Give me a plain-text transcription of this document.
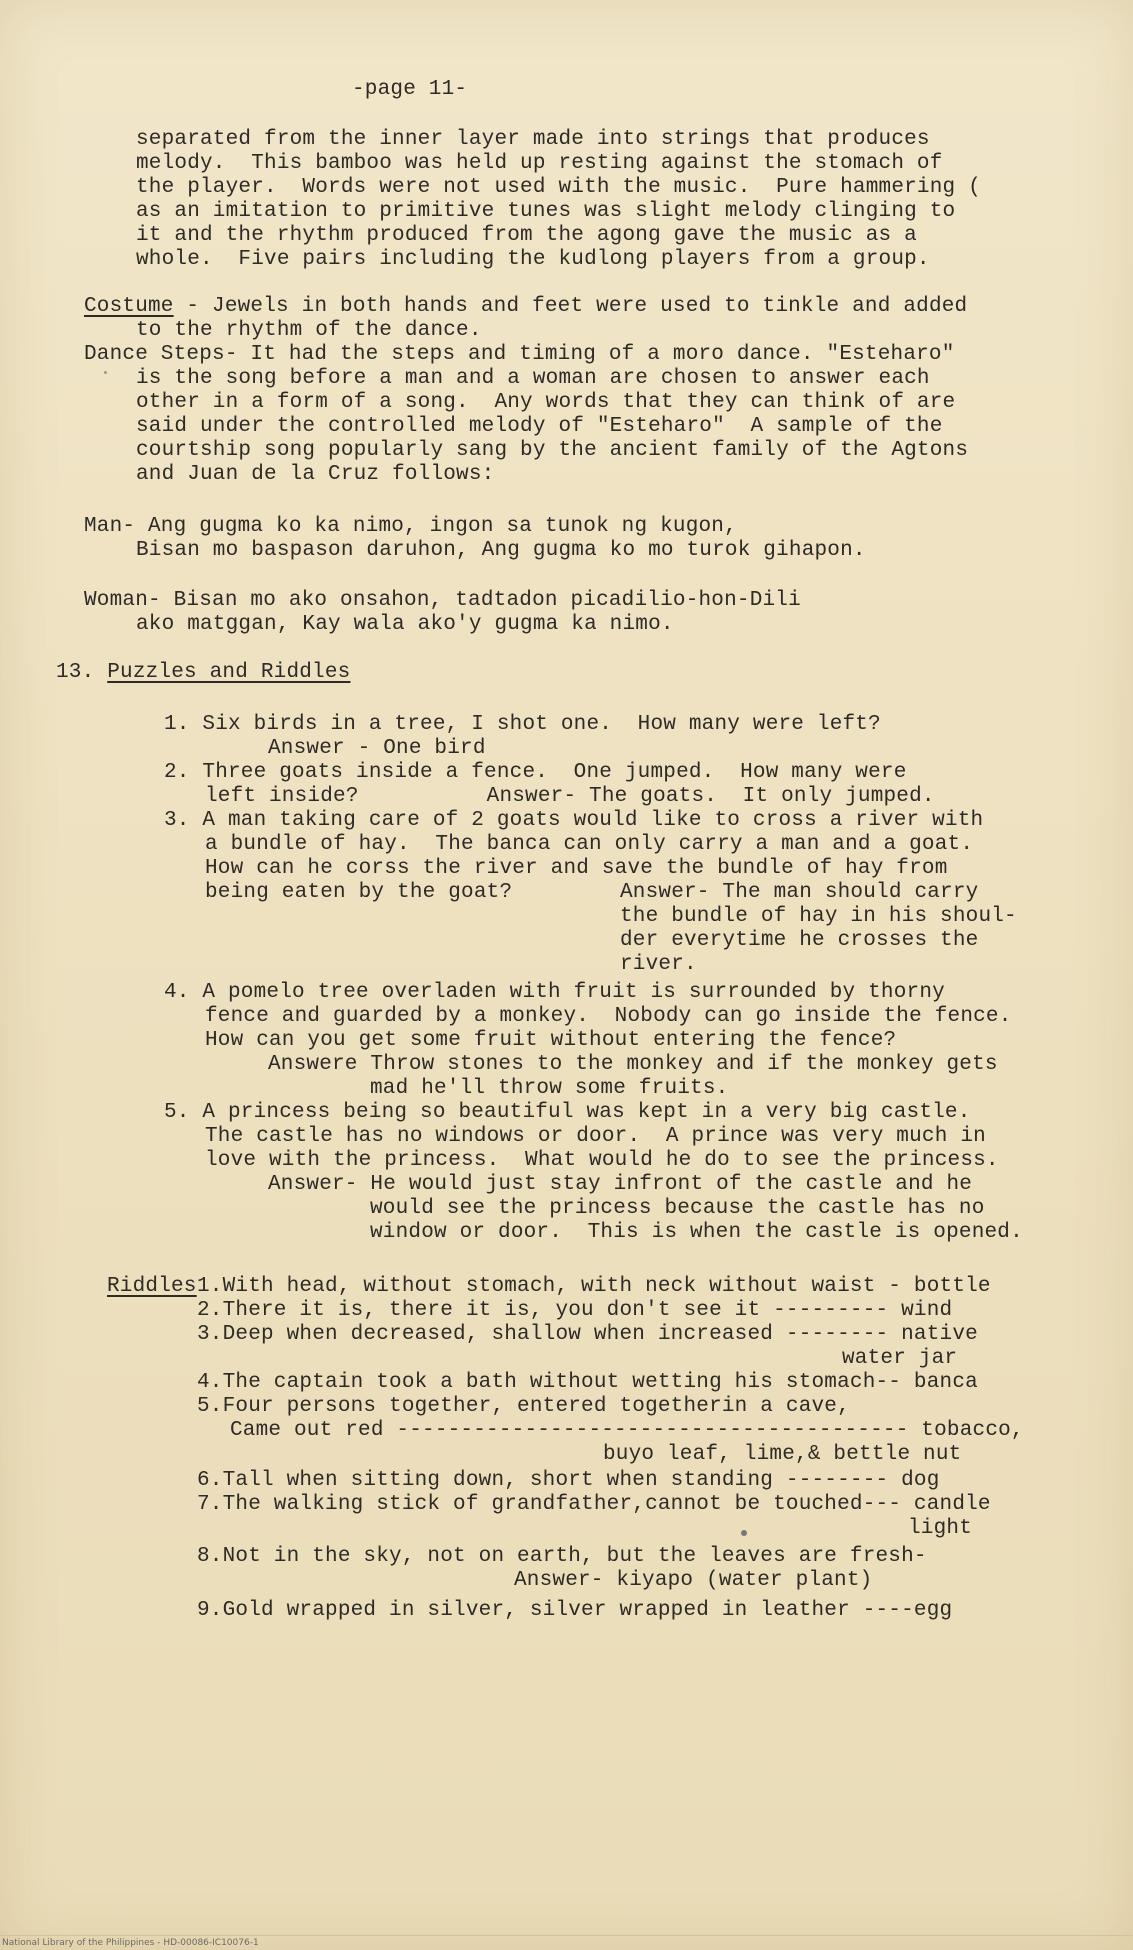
-page 11-
separated from the inner layer made into strings that produces
melody.  This bamboo was held up resting against the stomach of
the player.  Words were not used with the music.  Pure hammering (
as an imitation to primitive tunes was slight melody clinging to
it and the rhythm produced from the agong gave the music as a
whole.  Five pairs including the kudlong players from a group.
Costume - Jewels in both hands and feet were used to tinkle and added
to the rhythm of the dance.
Dance Steps- It had the steps and timing of a moro dance. "Esteharo"
is the song before a man and a woman are chosen to answer each
other in a form of a song.  Any words that they can think of are
said under the controlled melody of "Esteharo"  A sample of the
courtship song popularly sang by the ancient family of the Agtons
and Juan de la Cruz follows:
Man- Ang gugma ko ka nimo, ingon sa tunok ng kugon,
Bisan mo baspason daruhon, Ang gugma ko mo turok gihapon.
Woman- Bisan mo ako onsahon, tadtadon picadilio-hon-Dili
ako matggan, Kay wala ako'y gugma ka nimo.
13. Puzzles and Riddles
1. Six birds in a tree, I shot one.  How many were left?
Answer - One bird
2. Three goats inside a fence.  One jumped.  How many were
left inside?          Answer- The goats.  It only jumped.
3. A man taking care of 2 goats would like to cross a river with
a bundle of hay.  The banca can only carry a man and a goat.
How can he corss the river and save the bundle of hay from
being eaten by the goat?	Answer- The man should carry
the bundle of hay in his shoul-
der everytime he crosses the
river.
4. A pomelo tree overladen with fruit is surrounded by thorny
fence and guarded by a monkey.  Nobody can go inside the fence.
How can you get some fruit without entering the fence?
Answere Throw stones to the monkey and if the monkey gets
mad he'll throw some fruits.
5. A princess being so beautiful was kept in a very big castle.
The castle has no windows or door.  A prince was very much in
love with the princess.  What would he do to see the princess.
Answer- He would just stay infront of the castle and he
would see the princess because the castle has no
window or door.  This is when the castle is opened.
Riddles 1.With head, without stomach, with neck without waist - bottle
2.There it is, there it is, you don't see it --------- wind
3.Deep when decreased, shallow when increased -------- native
water jar
4.The captain took a bath without wetting his stomach-- banca
5.Four persons together, entered togetherin a cave,
Came out red ---------------------------------------- tobacco,
buyo leaf, lime,& bettle nut
6.Tall when sitting down, short when standing -------- dog
7.The walking stick of grandfather,cannot be touched--- candle
light
8.Not in the sky, not on earth, but the leaves are fresh-
Answer- kiyapo (water plant)
9.Gold wrapped in silver, silver wrapped in leather ----egg
National Library of the Philippines - HD-00086-IC10076-1
